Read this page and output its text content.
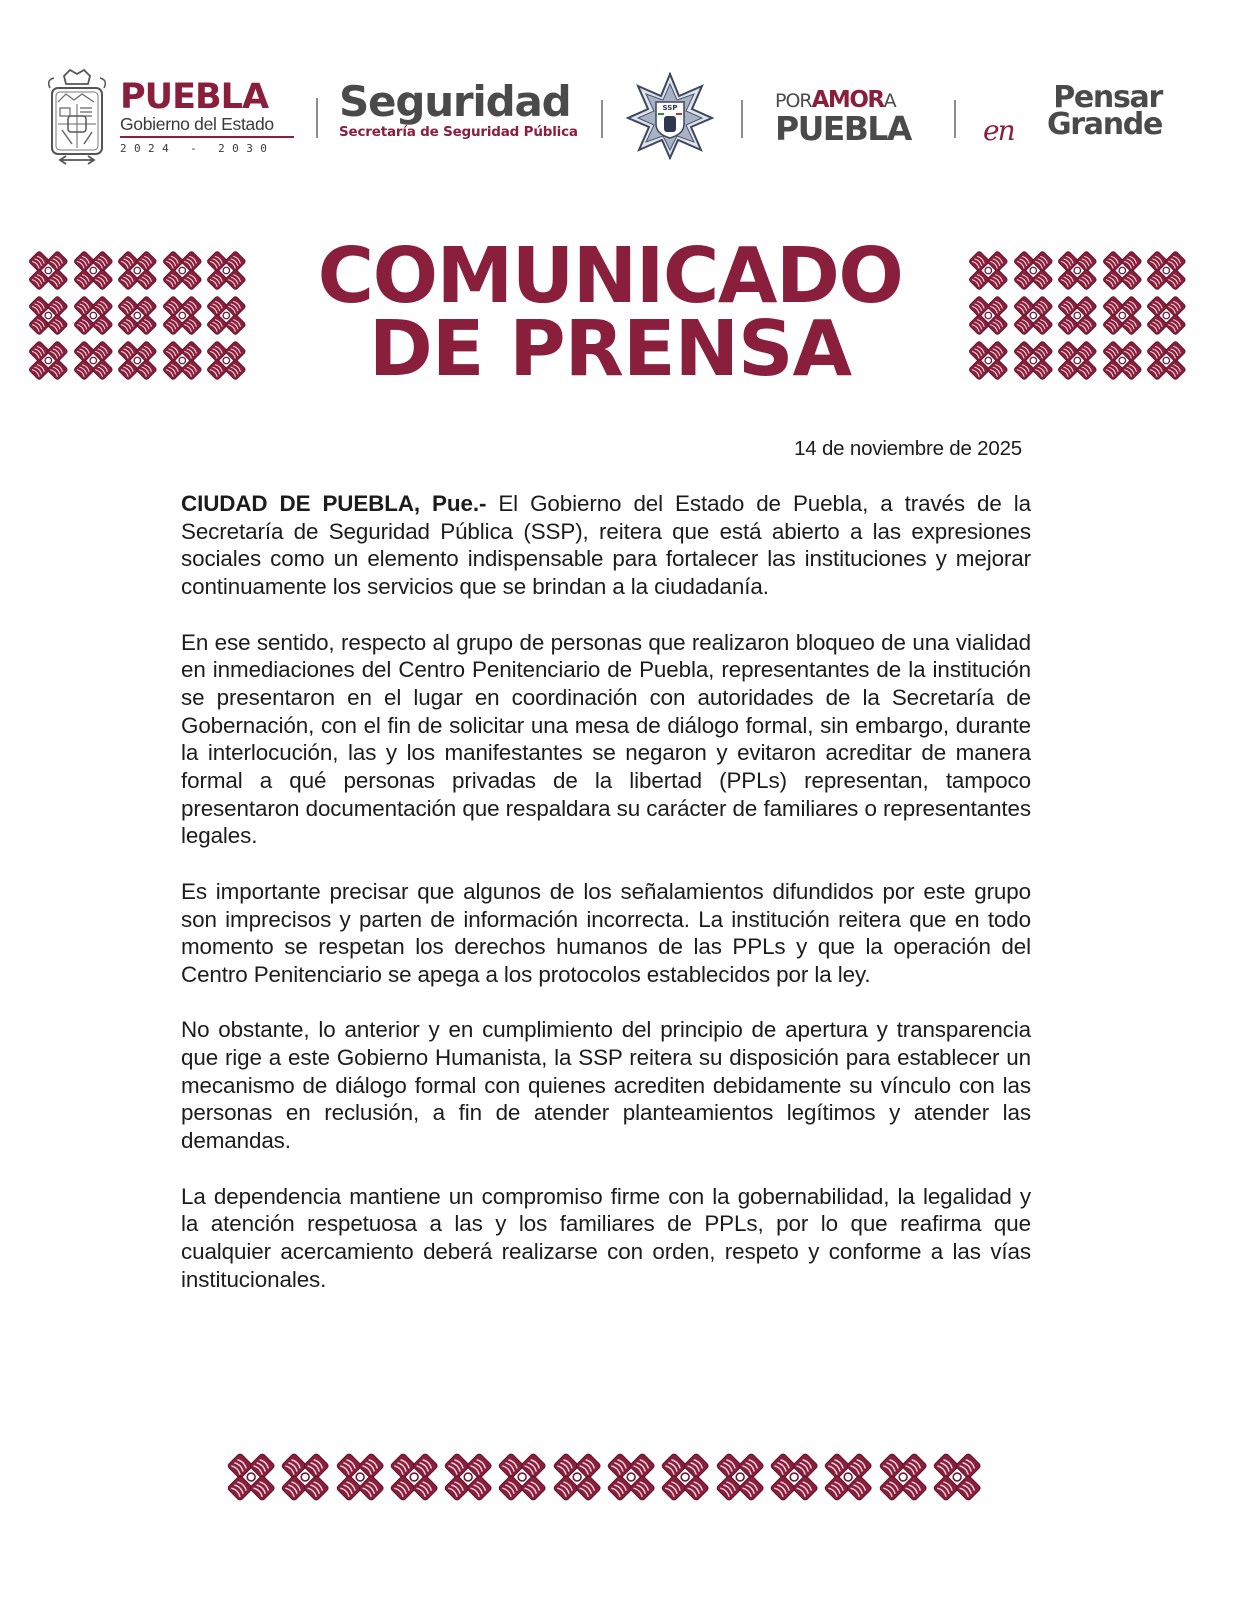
PUEBLA
Gobierno del Estado
2024 - 2030
Seguridad
Secretaría de Seguridad Pública
SSP	PORAMORA
PUEBLA
Pensar
en Grande
COMUNICADO
DE PRENSA
14 de noviembre de 2025

CIUDAD DE PUEBLA, Pue.- El Gobierno del Estado de Puebla, a través de la Secretaría de Seguridad Pública (SSP), reitera que está abierto a las expresiones sociales como un elemento indispensable para fortalecer las instituciones y mejorar continuamente los servicios que se brindan a la ciudadanía.

En ese sentido, respecto al grupo de personas que realizaron bloqueo de una vialidad en inmediaciones del Centro Penitenciario de Puebla, representantes de la institución se presentaron en el lugar en coordinación con autoridades de la Secretaría de Gobernación, con el fin de solicitar una mesa de diálogo formal, sin embargo, durante la interlocución, las y los manifestantes se negaron y evitaron acreditar de manera formal a qué personas privadas de la libertad (PPLs) representan, tampoco presentaron documentación que respaldara su carácter de familiares o representantes legales.

Es importante precisar que algunos de los señalamientos difundidos por este grupo son imprecisos y parten de información incorrecta. La institución reitera que en todo momento se respetan los derechos humanos de las PPLs y que la operación del Centro Penitenciario se apega a los protocolos establecidos por la ley.

No obstante, lo anterior y en cumplimiento del principio de apertura y transparencia que rige a este Gobierno Humanista, la SSP reitera su disposición para establecer un mecanismo de diálogo formal con quienes acrediten debidamente su vínculo con las personas en reclusión, a fin de atender planteamientos legítimos y atender las demandas.

La dependencia mantiene un compromiso firme con la gobernabilidad, la legalidad y la atención respetuosa a las y los familiares de PPLs, por lo que reafirma que cualquier acercamiento deberá realizarse con orden, respeto y conforme a las vías institucionales.
